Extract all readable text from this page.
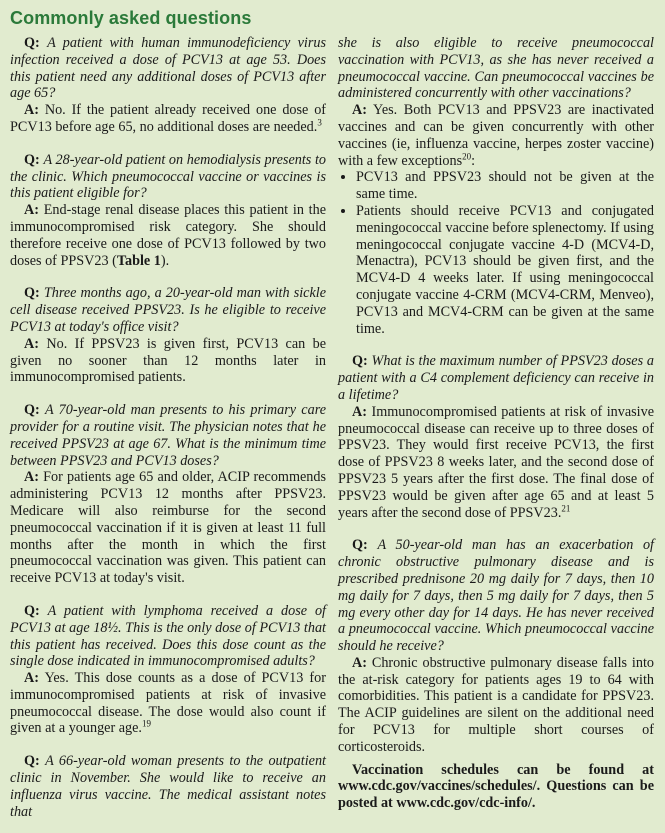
Commonly asked questions

Q: A patient with human immunodeficiency virus infection received a dose of PCV13 at age 53. Does this patient need any additional doses of PCV13 after age 65?

A: No. If the patient already received one dose of PCV13 before age 65, no additional doses are needed.$^3$

Q: A 28-year-old patient on hemodialysis presents to the clinic. Which pneumococcal vaccine or vaccines is this patient eligible for?

A: End-stage renal disease places this patient in the immunocompromised risk category. She should therefore receive one dose of PCV13 followed by two doses of PPSV23 (Table 1).

Q: Three months ago, a 20-year-old man with sickle cell disease received PPSV23. Is he eligible to receive PCV13 at today's office visit?

A: No. If PPSV23 is given first, PCV13 can be given no sooner than 12 months later in immunocompromised patients.

Q: A 70-year-old man presents to his primary care provider for a routine visit. The physician notes that he received PPSV23 at age 67. What is the minimum time between PPSV23 and PCV13 doses?

A: For patients age 65 and older, ACIP recommends administering PCV13 12 months after PPSV23. Medicare will also reimburse for the second pneumococcal vaccination if it is given at least 11 full months after the month in which the first pneumococcal vaccination was given. This patient can receive PCV13 at today's visit.

Q: A patient with lymphoma received a dose of PCV13 at age 18½. This is the only dose of PCV13 that this patient has received. Does this dose count as the single dose indicated in immunocompromised adults?

A: Yes. This dose counts as a dose of PCV13 for immunocompromised patients at risk of invasive pneumococcal disease. The dose would also count if given at a younger age.$^{19}$

Q: A 66-year-old woman presents to the outpatient clinic in November. She would like to receive an influenza virus vaccine. The medical assistant notes that

she is also eligible to receive pneumococcal vaccination with PCV13, as she has never received a pneumococcal vaccine. Can pneumococcal vaccines be administered concurrently with other vaccinations?

A: Yes. Both PCV13 and PPSV23 are inactivated vaccines and can be given concurrently with other vaccines (ie, influenza vaccine, herpes zoster vaccine) with a few exceptions$^{20}$:

• PCV13 and PPSV23 should not be given at the same time.
• Patients should receive PCV13 and conjugated meningococcal vaccine before splenectomy. If using meningococcal conjugate vaccine 4-D (MCV4-D, Menactra), PCV13 should be given first, and the MCV4-D 4 weeks later. If using meningococcal conjugate vaccine 4-CRM (MCV4-CRM, Menveo), PCV13 and MCV4-CRM can be given at the same time.

Q: What is the maximum number of PPSV23 doses a patient with a C4 complement deficiency can receive in a lifetime?

A: Immunocompromised patients at risk of invasive pneumococcal disease can receive up to three doses of PPSV23. They would first receive PCV13, the first dose of PPSV23 8 weeks later, and the second dose of PPSV23 5 years after the first dose. The final dose of PPSV23 would be given after age 65 and at least 5 years after the second dose of PPSV23.21

Q: A 50-year-old man has an exacerbation of chronic obstructive pulmonary disease and is prescribed prednisone 20 mg daily for 7 days, then 10 mg daily for 7 days, then 5 mg daily for 7 days, then 5 mg every other day for 14 days. He has never received a pneumococcal vaccine. Which pneumococcal vaccine should he receive?

A: Chronic obstructive pulmonary disease falls into the at-risk category for patients ages 19 to 64 with comorbidities. This patient is a candidate for PPSV23. The ACIP guidelines are silent on the additional need for PCV13 for multiple short courses of corticosteroids.

Vaccination schedules can be found at www.cdc.gov/vaccines/schedules/. Questions can be posted at www.cdc.gov/cdc-info/.
